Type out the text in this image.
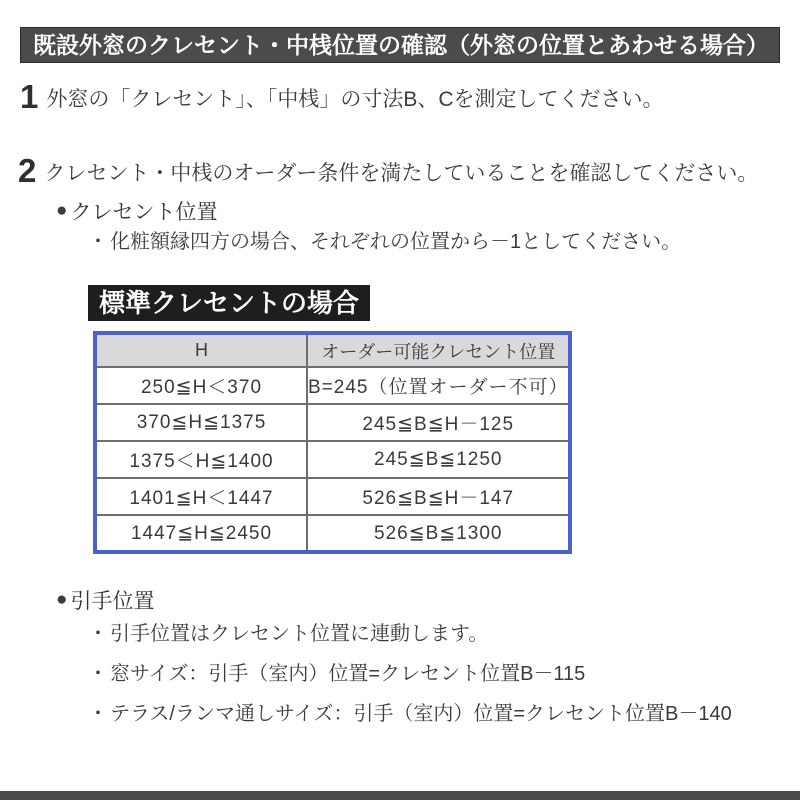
既設外窓のクレセント・中桟位置の確認（外窓の位置とあわせる場合）
1 外窓の「クレセント」、「中桟」の寸法B、Cを測定してください。
2 クレセント・中桟のオーダー条件を満たしていることを確認してください。
● クレセント位置
・ 化粧額縁四方の場合、それぞれの位置から－1としてください。
標準クレセントの場合
H	オーダー可能クレセント位置
250≦H＜370	B=245（位置オーダー不可）
370≦H≦1375	245≦B≦H－125
1375＜H≦1400	245≦B≦1250
1401≦H＜1447	526≦B≦H－147
1447≦H≦2450	526≦B≦1300
● 引手位置
・ 引手位置はクレセント位置に連動します。
・ 窓サイズ：引手（室内）位置=クレセント位置B－115
・ テラス/ランマ通しサイズ：引手（室内）位置=クレセント位置B－140
